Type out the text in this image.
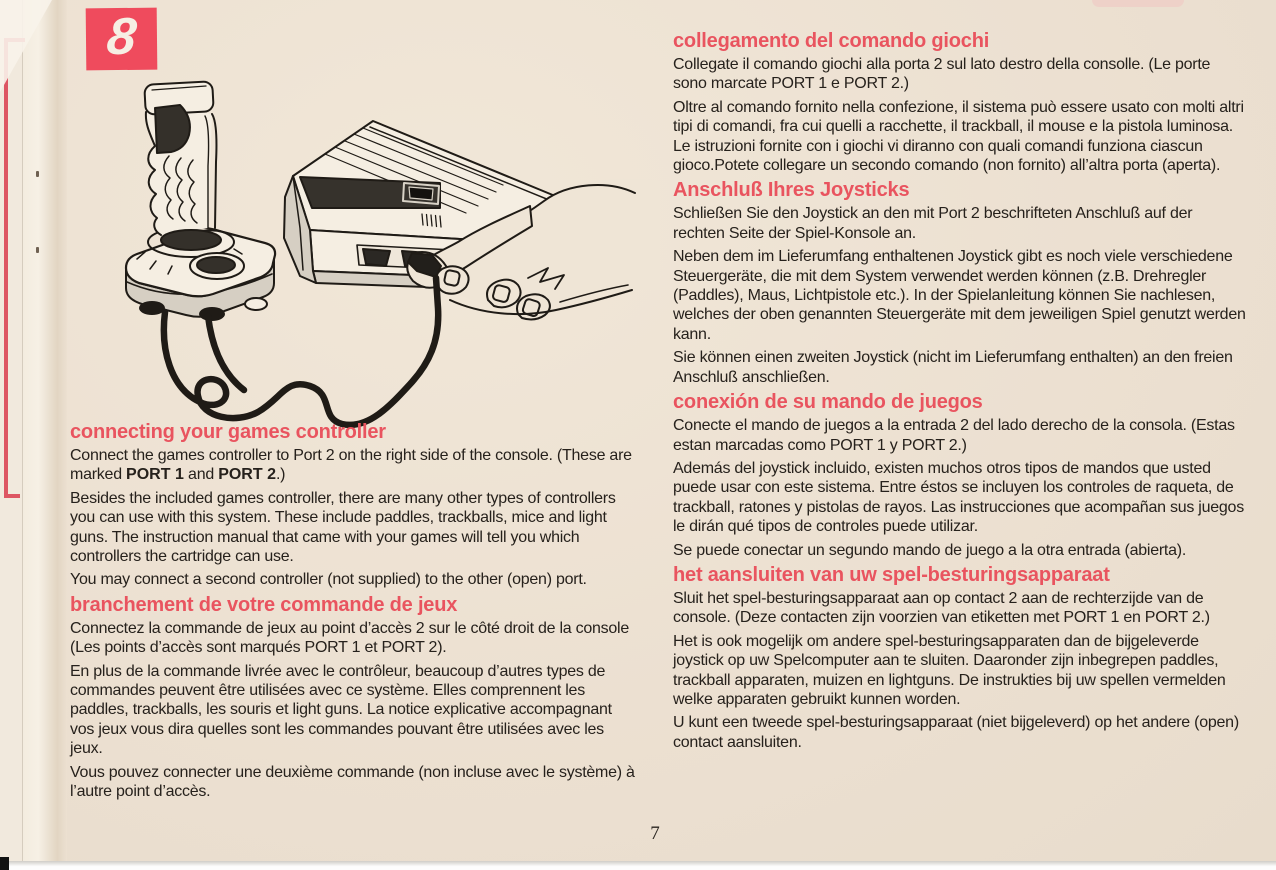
8
connecting your games controller

Connect the games controller to Port 2 on the right side of the console. (These are marked PORT 1 and PORT 2.)

Besides the included games controller, there are many other types of controllers you can use with this system. These include paddles, trackballs, mice and light guns. The instruction manual that came with your games will tell you which controllers the cartridge can use.

You may connect a second controller (not supplied) to the other (open) port.

branchement de votre commande de jeux

Connectez la commande de jeux au point d’accès 2 sur le côté droit de la console (Les points d’accès sont marqués PORT 1 et PORT 2).

En plus de la commande livrée avec le contrôleur, beaucoup d’autres types de commandes peuvent être utilisées avec ce système. Elles comprennent les paddles, trackballs, les souris et light guns. La notice explicative accompagnant vos jeux vous dira quelles sont les commandes pouvant être utilisées avec les jeux.

Vous pouvez connecter une deuxième commande (non incluse avec le système) à l’autre point d’accès.

collegamento del comando giochi

Collegate il comando giochi alla porta 2 sul lato destro della consolle. (Le porte sono marcate PORT 1 e PORT 2.)

Oltre al comando fornito nella confezione, il sistema può essere usato con molti altri tipi di comandi, fra cui quelli a racchette, il trackball, il mouse e la pistola luminosa. Le istruzioni fornite con i giochi vi diranno con quali comandi funziona ciascun gioco.Potete collegare un secondo comando (non fornito) all’altra porta (aperta).

Anschluß Ihres Joysticks

Schließen Sie den Joystick an den mit Port 2 beschrifteten Anschluß auf der rechten Seite der Spiel-Konsole an.

Neben dem im Lieferumfang enthaltenen Joystick gibt es noch viele verschiedene Steuergeräte, die mit dem System verwendet werden können (z.B. Drehregler (Paddles), Maus, Lichtpistole etc.). In der Spielanleitung können Sie nachlesen, welches der oben genannten Steuergeräte mit dem jeweiligen Spiel genutzt werden kann.

Sie können einen zweiten Joystick (nicht im Lieferumfang enthalten) an den freien Anschluß anschließen.

conexión de su mando de juegos

Conecte el mando de juegos a la entrada 2 del lado derecho de la consola. (Estas estan marcadas como PORT 1 y PORT 2.)

Además del joystick incluido, existen muchos otros tipos de mandos que usted puede usar con este sistema. Entre éstos se incluyen los controles de raqueta, de trackball, ratones y pistolas de rayos. Las instrucciones que acompañan sus juegos le dirán qué tipos de controles puede utilizar.

Se puede conectar un segundo mando de juego a la otra entrada (abierta).

het aansluiten van uw spel-besturingsapparaat

Sluit het spel-besturingsapparaat aan op contact 2 aan de rechterzijde van de console. (Deze contacten zijn voorzien van etiketten met PORT 1 en PORT 2.)

Het is ook mogelijk om andere spel-besturingsapparaten dan de bijgeleverde joystick op uw Spelcomputer aan te sluiten. Daaronder zijn inbegrepen paddles, trackball apparaten, muizen en lightguns. De instrukties bij uw spellen vermelden welke apparaten gebruikt kunnen worden.

U kunt een tweede spel-besturingsapparaat (niet bijgeleverd) op het andere (open) contact aansluiten.

7
